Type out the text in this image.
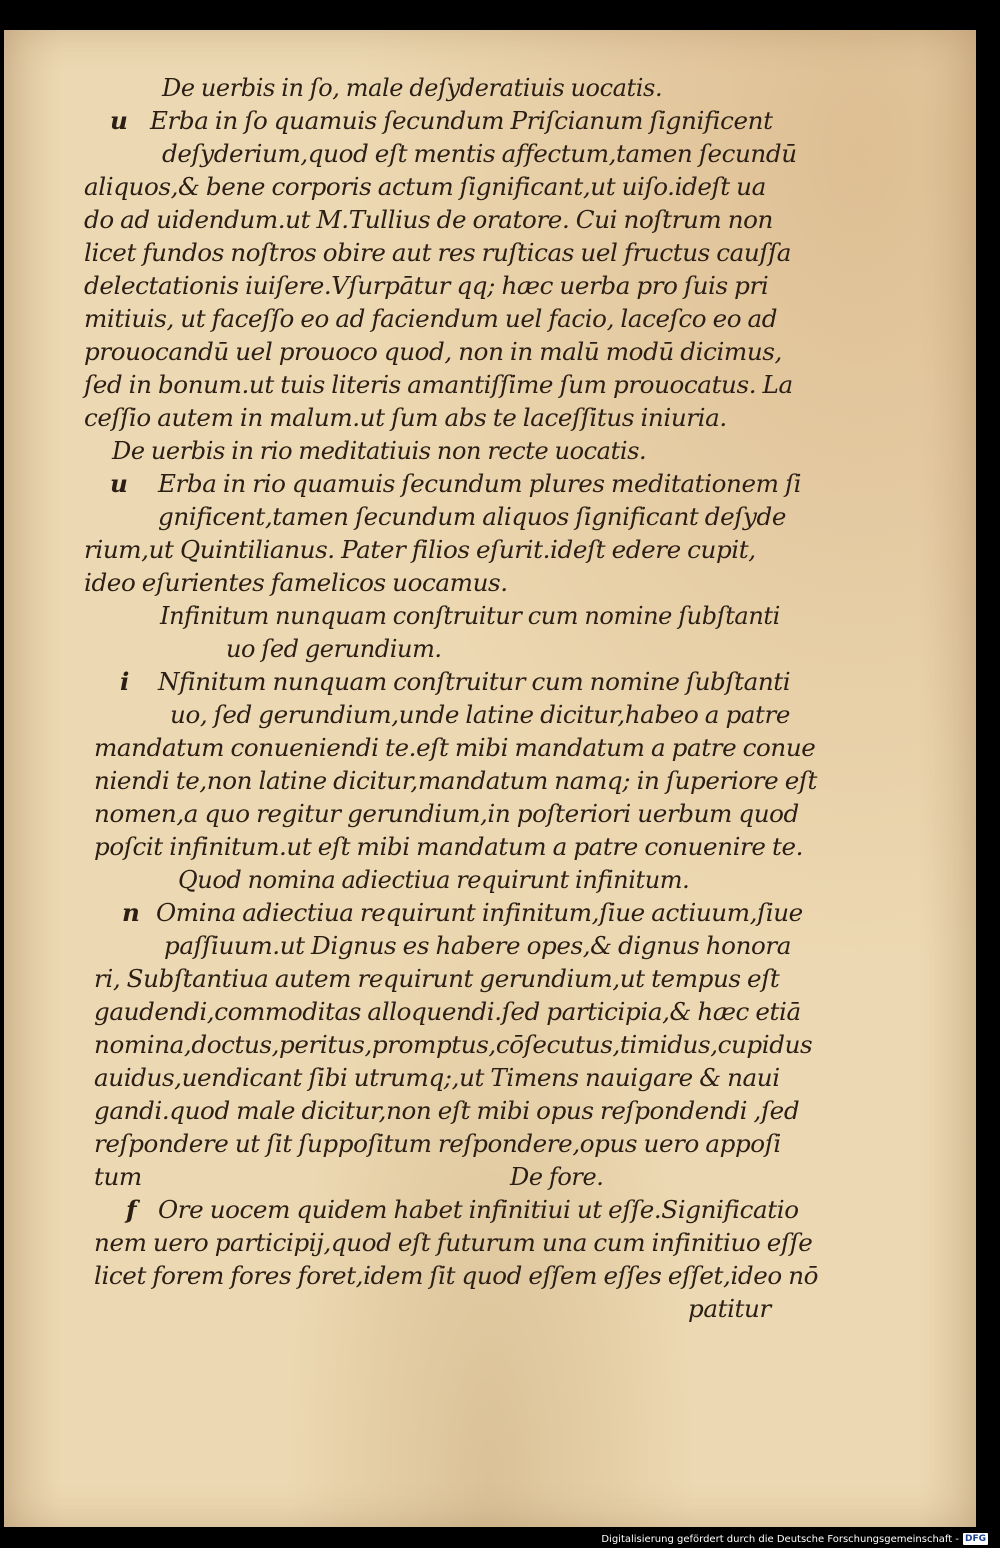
De uerbis in ſo, male deſyderatiuis uocatis.
u Erba in ſo quamuis ſecundum Priſcianum ſignificent
deſyderium,quod eſt mentis affectum,tamen ſecundū
aliquos,& bene corporis actum ſignificant,ut uiſo.ideſt ua
do ad uidendum.ut M.Tullius de oratore. Cui noſtrum non
licet fundos noſtros obire aut res ruſticas uel fructus cauſſa
delectationis iuiſere.Vſurpātur qq; hæc uerba pro ſuis pri
mitiuis, ut faceſſo eo ad faciendum uel facio, laceſco eo ad
prouocandū uel prouoco quod, non in malū modū dicimus,
ſed in bonum.ut tuis literis amantiſſime ſum prouocatus. La
ceſſio autem in malum.ut ſum abs te laceſſitus iniuria.
De uerbis in rio meditatiuis non recte uocatis.
u Erba in rio quamuis ſecundum plures meditationem ſi
gnificent,tamen ſecundum aliquos ſignificant deſyde
rium,ut Quintilianus. Pater filios eſurit.ideſt edere cupit,
ideo eſurientes famelicos uocamus.
Infinitum nunquam conſtruitur cum nomine ſubſtanti
uo ſed gerundium.
i Nfinitum nunquam conſtruitur cum nomine ſubſtanti
uo, ſed gerundium,unde latine dicitur,habeo a patre
mandatum conueniendi te.eſt mibi mandatum a patre conue
niendi te,non latine dicitur,mandatum namq; in ſuperiore eſt
nomen,a quo regitur gerundium,in poſteriori uerbum quod
poſcit infinitum.ut eſt mibi mandatum a patre conuenire te.
Quod nomina adiectiua requirunt infinitum.
n Omina adiectiua requirunt infinitum,ſiue actiuum,ſiue
paſſiuum.ut Dignus es habere opes,& dignus honora
ri, Subſtantiua autem requirunt gerundium,ut tempus eſt
gaudendi,commoditas alloquendi.ſed participia,& hæc etiā
nomina,doctus,peritus,promptus,cōſecutus,timidus,cupidus
auidus,uendicant ſibi utrumq;,ut Timens nauigare & naui
gandi.quod male dicitur,non eſt mibi opus reſpondendi ,ſed
reſpondere ut ſit ſuppoſitum reſpondere,opus uero appoſi
tum	De fore.
f Ore uocem quidem habet infinitiui ut eſſe.Significatio
nem uero participij,quod eſt futurum una cum infinitiuo eſſe
licet forem fores foret,idem ſit quod eſſem eſſes eſſet,ideo nō
patitur
Digitalisierung gefördert durch die Deutsche Forschungsgemeinschaft - DFG
